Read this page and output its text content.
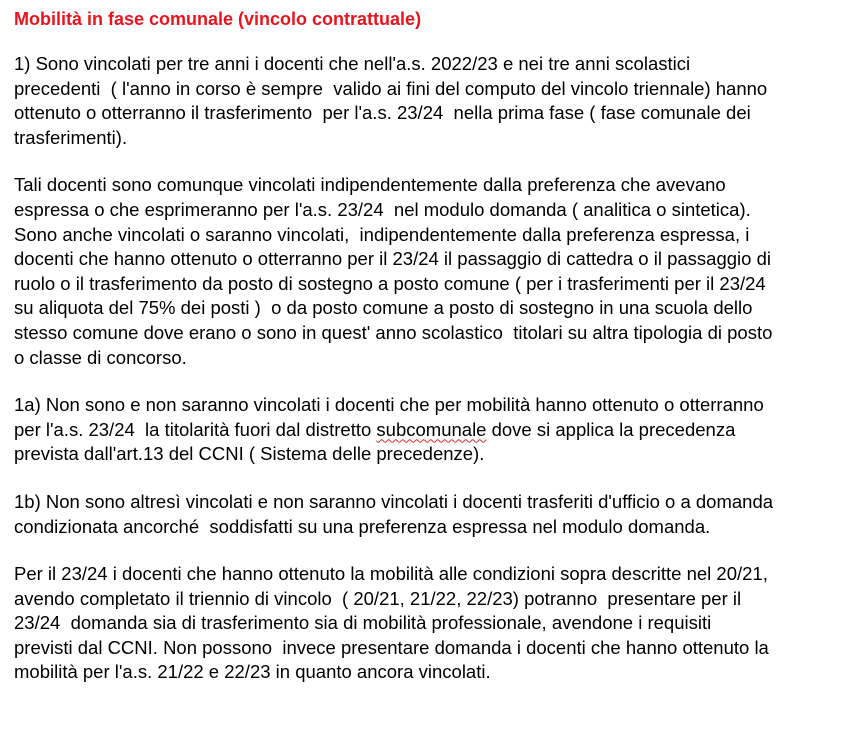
Mobilità in fase comunale (vincolo contrattuale)
1) Sono vincolati per tre anni i docenti che nell'a.s. 2022/23 e nei tre anni scolastici
precedenti  ( l'anno in corso è sempre  valido ai fini del computo del vincolo triennale) hanno
ottenuto o otterranno il trasferimento  per l'a.s. 23/24  nella prima fase ( fase comunale dei
trasferimenti).
Tali docenti sono comunque vincolati indipendentemente dalla preferenza che avevano
espressa o che esprimeranno per l'a.s. 23/24  nel modulo domanda ( analitica o sintetica).
Sono anche vincolati o saranno vincolati,  indipendentemente dalla preferenza espressa, i
docenti che hanno ottenuto o otterranno per il 23/24 il passaggio di cattedra o il passaggio di
ruolo o il trasferimento da posto di sostegno a posto comune ( per i trasferimenti per il 23/24
su aliquota del 75% dei posti )  o da posto comune a posto di sostegno in una scuola dello
stesso comune dove erano o sono in quest' anno scolastico  titolari su altra tipologia di posto
o classe di concorso.
1a) Non sono e non saranno vincolati i docenti che per mobilità hanno ottenuto o otterranno
per l'a.s. 23/24  la titolarità fuori dal distretto subcomunale dove si applica la precedenza
prevista dall'art.13 del CCNI ( Sistema delle precedenze).
1b) Non sono altresì vincolati e non saranno vincolati i docenti trasferiti d'ufficio o a domanda
condizionata ancorché  soddisfatti su una preferenza espressa nel modulo domanda.
Per il 23/24 i docenti che hanno ottenuto la mobilità alle condizioni sopra descritte nel 20/21,
avendo completato il triennio di vincolo  ( 20/21, 21/22, 22/23) potranno  presentare per il
23/24  domanda sia di trasferimento sia di mobilità professionale, avendone i requisiti
previsti dal CCNI. Non possono  invece presentare domanda i docenti che hanno ottenuto la
mobilità per l'a.s. 21/22 e 22/23 in quanto ancora vincolati.
